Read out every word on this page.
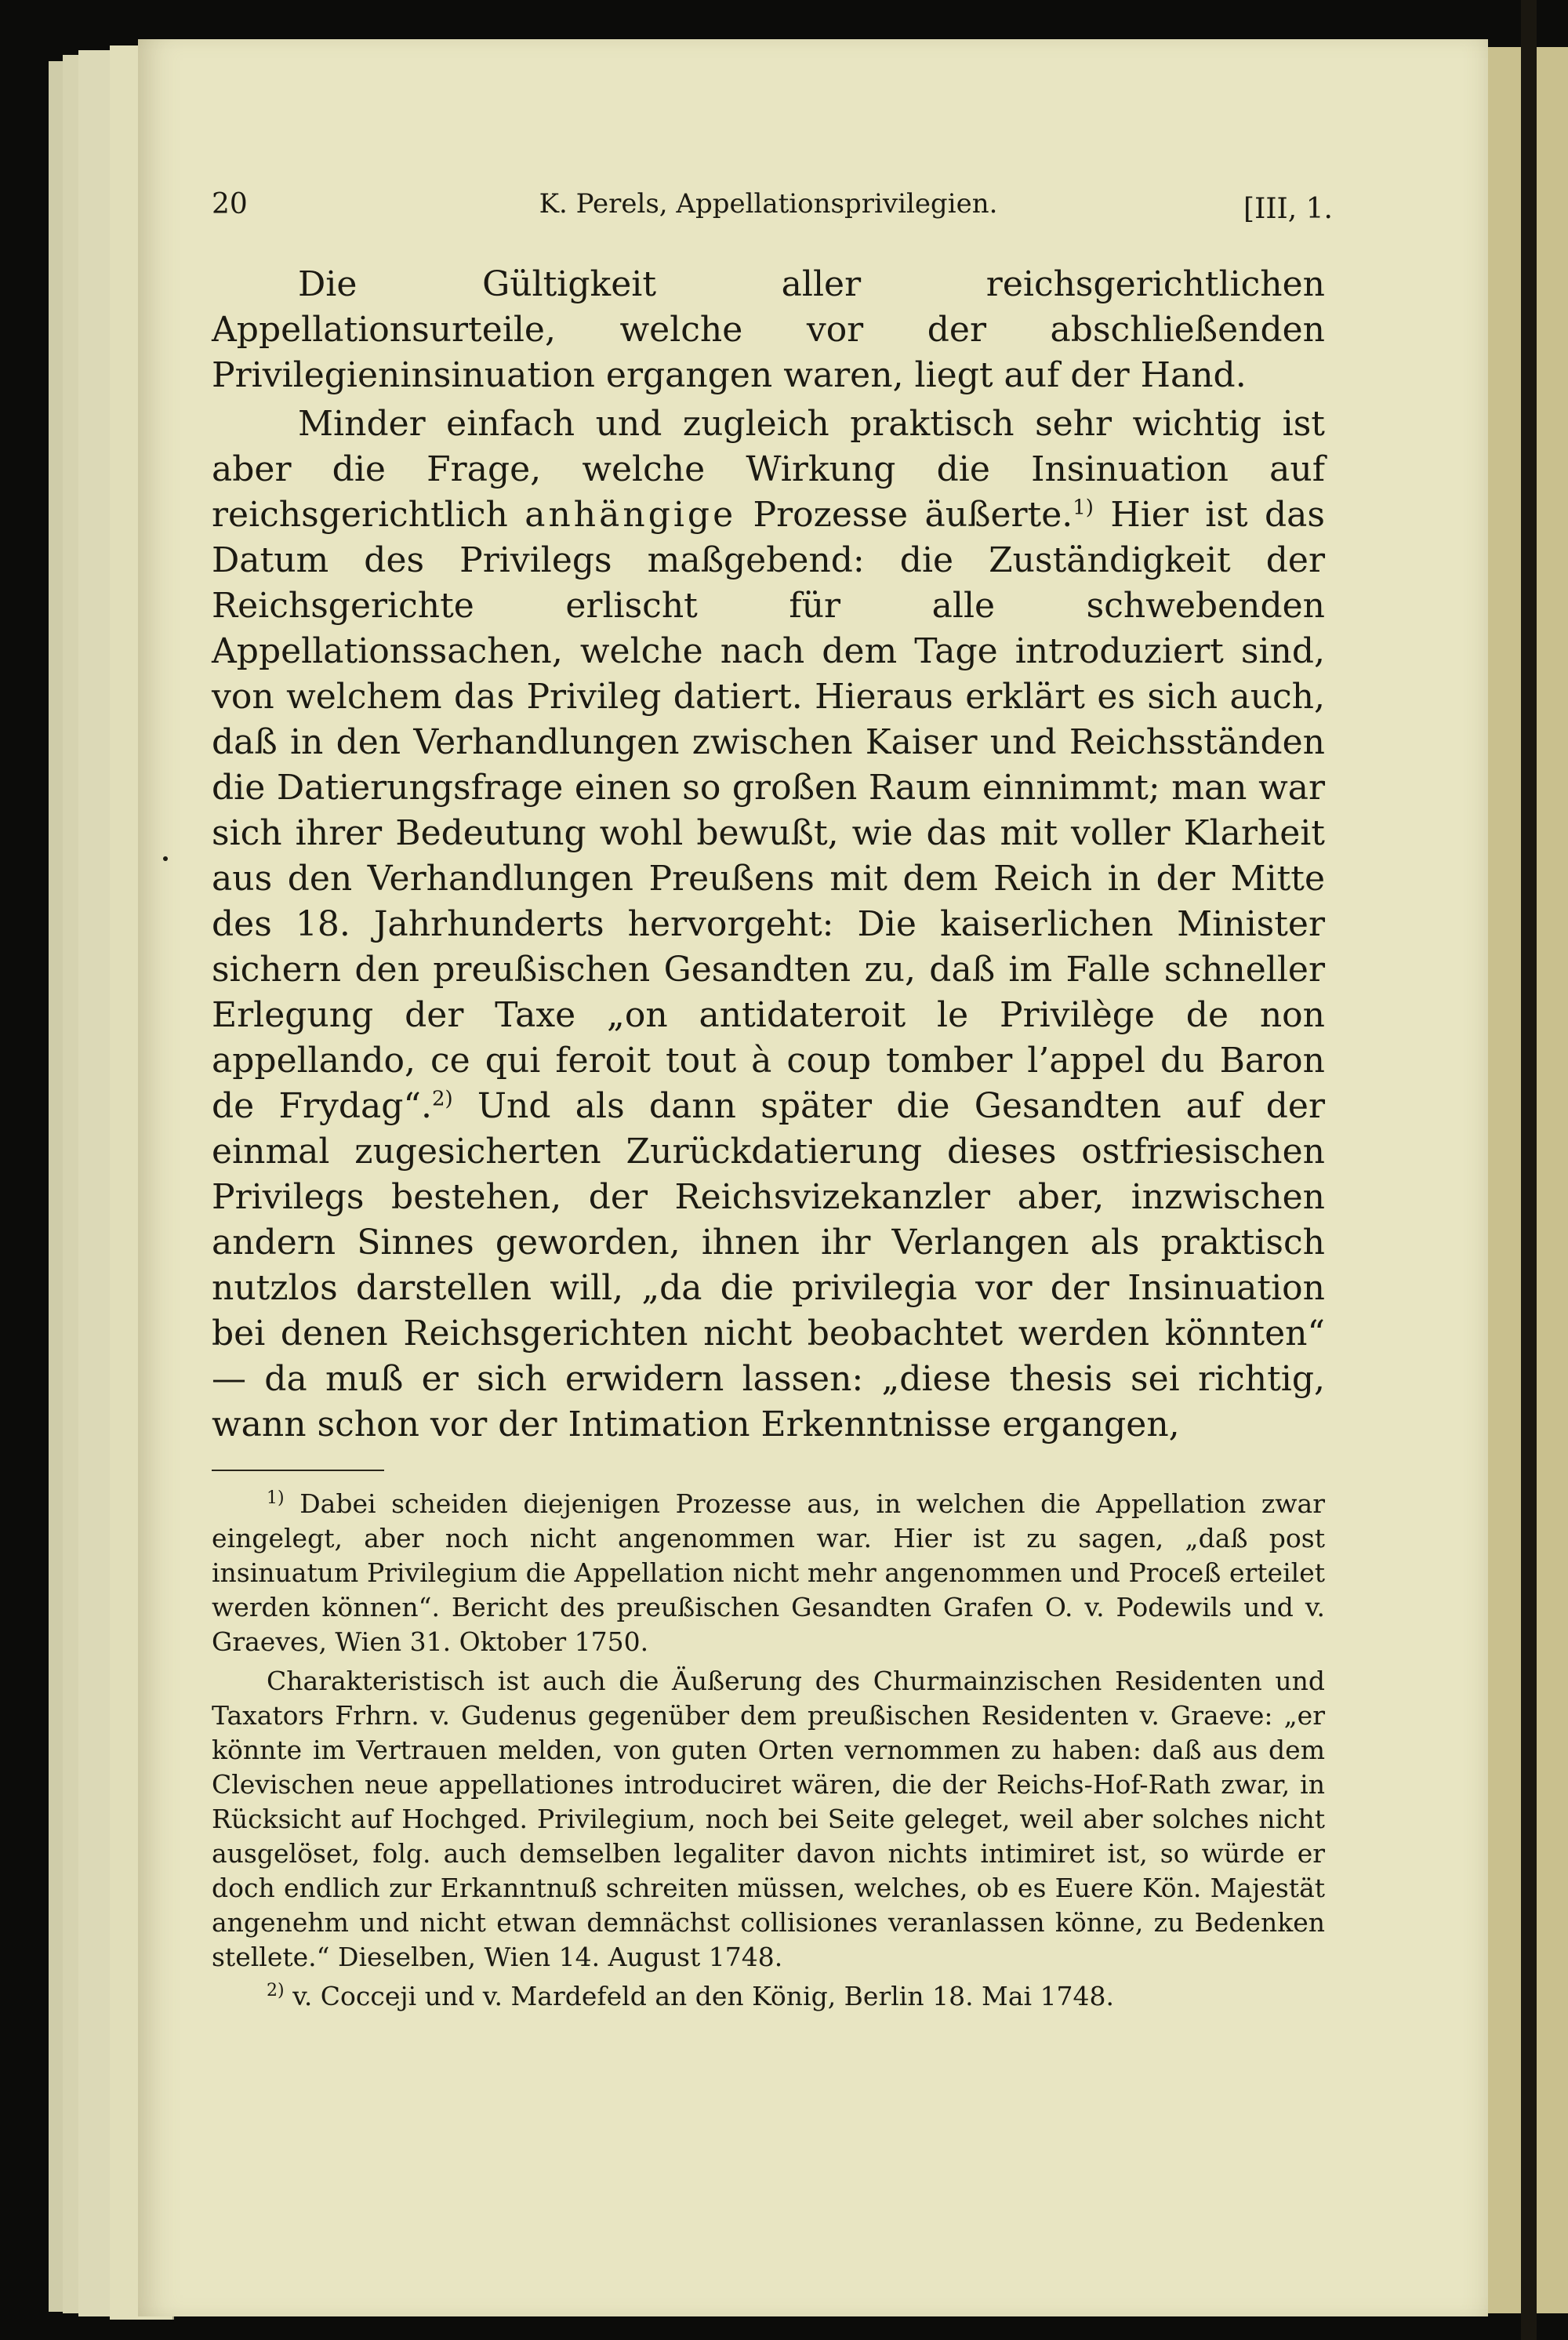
20	K. Perels, Appellationsprivilegien.	[III, 1.

Die Gültigkeit aller reichsgerichtlichen Appellationsurteile, welche vor der abschließenden Privilegieninsinuation ergangen waren, liegt auf der Hand.

Minder einfach und zugleich praktisch sehr wichtig ist aber die Frage, welche Wirkung die Insinuation auf reichsgerichtlich anhängige Prozesse äußerte.$^{1)}$ Hier ist das Datum des Privilegs maßgebend: die Zuständigkeit der Reichsgerichte erlischt für alle schwebenden Appellationssachen, welche nach dem Tage introduziert sind, von welchem das Privileg datiert. Hieraus erklärt es sich auch, daß in den Verhandlungen zwischen Kaiser und Reichsständen die Datierungsfrage einen so großen Raum einnimmt; man war sich ihrer Bedeutung wohl bewußt, wie das mit voller Klarheit aus den Verhandlungen Preußens mit dem Reich in der Mitte des 18. Jahrhunderts hervorgeht: Die kaiserlichen Minister sichern den preußischen Gesandten zu, daß im Falle schneller Erlegung der Taxe „on antidateroit le Privilège de non appellando, ce qui feroit tout à coup tomber l’appel du Baron de Frydag“.$^{2)}$ Und als dann später die Gesandten auf der einmal zugesicherten Zurückdatierung dieses ostfriesischen Privilegs bestehen, der Reichsvizekanzler aber, inzwischen andern Sinnes geworden, ihnen ihr Verlangen als praktisch nutzlos darstellen will, „da die privilegia vor der Insinuation bei denen Reichsgerichten nicht beobachtet werden könnten“ — da muß er sich erwidern lassen: „diese thesis sei richtig, wann schon vor der Intimation Erkenntnisse ergangen,

$^{1)}$ Dabei scheiden diejenigen Prozesse aus, in welchen die Appellation zwar eingelegt, aber noch nicht angenommen war. Hier ist zu sagen, „daß post insinuatum Privilegium die Appellation nicht mehr angenommen und Proceß erteilet werden können“. Bericht des preußischen Gesandten Grafen O. v. Podewils und v. Graeves, Wien 31. Oktober 1750.

Charakteristisch ist auch die Äußerung des Churmainzischen Residenten und Taxators Frhrn. v. Gudenus gegenüber dem preußischen Residenten v. Graeve: „er könnte im Vertrauen melden, von guten Orten vernommen zu haben: daß aus dem Clevischen neue appellationes introduciret wären, die der Reichs-Hof-Rath zwar, in Rücksicht auf Hochged. Privilegium, noch bei Seite geleget, weil aber solches nicht ausgelöset, folg. auch demselben legaliter davon nichts intimiret ist, so würde er doch endlich zur Erkanntnuß schreiten müssen, welches, ob es Euere Kön. Majestät angenehm und nicht etwan demnächst collisiones veranlassen könne, zu Bedenken stellete.“ Dieselben, Wien 14. August 1748.

$^{2)}$ v. Cocceji und v. Mardefeld an den König, Berlin 18. Mai 1748.
